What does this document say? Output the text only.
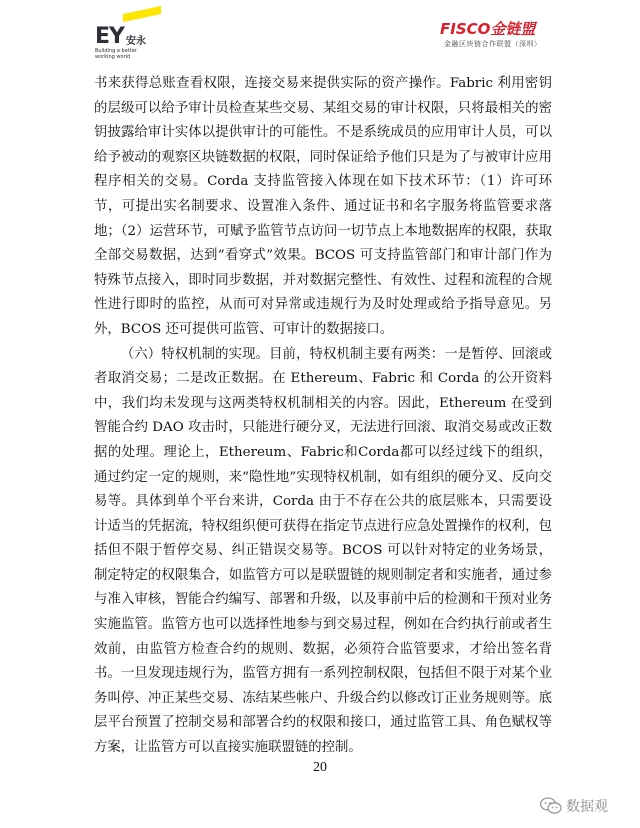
EY 安永
Building a better working world
FISCO金链盟
金融区块链合作联盟（深圳）

书来获得总账查看权限，连接交易来提供实际的资产操作。Fabric 利用密钥的层级可以给予审计员检查某些交易、某组交易的审计权限，只将最相关的密钥披露给审计实体以提供审计的可能性。不是系统成员的应用审计人员，可以给予被动的观察区块链数据的权限，同时保证给予他们只是为了与被审计应用程序相关的交易。Corda 支持监管接入体现在如下技术环节：（1）许可环节，可提出实名制要求、设置准入条件、通过证书和名字服务将监管要求落地；（2）运营环节，可赋予监管节点访问一切节点上本地数据库的权限，获取全部交易数据，达到“看穿式”效果。BCOS 可支持监管部门和审计部门作为特殊节点接入，即时同步数据，并对数据完整性、有效性、过程和流程的合规性进行即时的监控，从而可对异常或违规行为及时处理或给予指导意见。另外，BCOS 还可提供可监管、可审计的数据接口。

（六）特权机制的实现。目前，特权机制主要有两类：一是暂停、回滚或者取消交易；二是改正数据。在 Ethereum、Fabric 和 Corda 的公开资料中，我们均未发现与这两类特权机制相关的内容。因此，Ethereum 在受到智能合约 DAO 攻击时，只能进行硬分叉，无法进行回滚、取消交易或改正数据的处理。理论上，Ethereum、Fabric和Corda都可以经过线下的组织，通过约定一定的规则，来“隐性地”实现特权机制，如有组织的硬分叉、反向交易等。具体到单个平台来讲，Corda 由于不存在公共的底层账本，只需要设计适当的凭据流，特权组织便可获得在指定节点进行应急处置操作的权利，包括但不限于暂停交易、纠正错误交易等。BCOS 可以针对特定的业务场景，制定特定的权限集合，如监管方可以是联盟链的规则制定者和实施者，通过参与准入审核，智能合约编写、部署和升级，以及事前中后的检测和干预对业务实施监管。监管方也可以选择性地参与到交易过程，例如在合约执行前或者生效前，由监管方检查合约的规则、数据，必须符合监管要求，才给出签名背书。一旦发现违规行为，监管方拥有一系列控制权限，包括但不限于对某个业务叫停、冲正某些交易、冻结某些帐户、升级合约以修改订正业务规则等。底层平台预置了控制交易和部署合约的权限和接口，通过监管工具、角色赋权等方案，让监管方可以直接实施联盟链的控制。

20
数据观
